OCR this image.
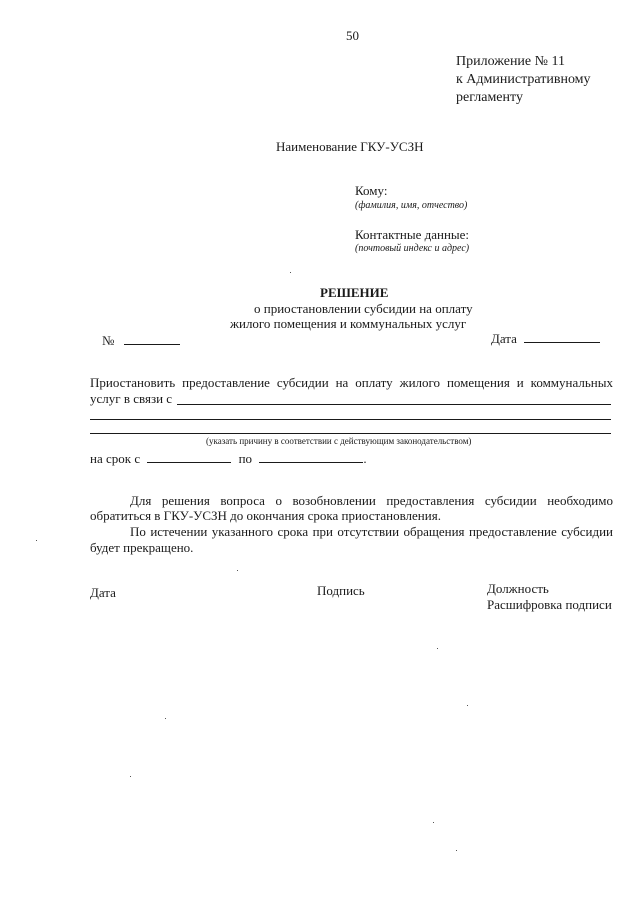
50
Приложение № 11
к Административному
регламенту
Наименование ГКУ-УСЗН
Кому:
(фамилия, имя, отчество)
Контактные данные:
(почтовый индекс и адрес)
РЕШЕНИЕ
о приостановлении субсидии на оплату
жилого помещения и коммунальных услуг
№	Дата
Приостановить предоставление субсидии на оплату жилого помещения и коммунальных
услуг в связи с
(указать причину в соответствии с действующим законодательством)
на срок с	по	.
Для решения вопроса о возобновлении предоставления субсидии необходимо
обратиться в ГКУ-УСЗН до окончания срока приостановления.
По истечении указанного срока при отсутствии обращения предоставление субсидии
будет прекращено.
Дата	Подпись	Должность
Расшифровка подписи
